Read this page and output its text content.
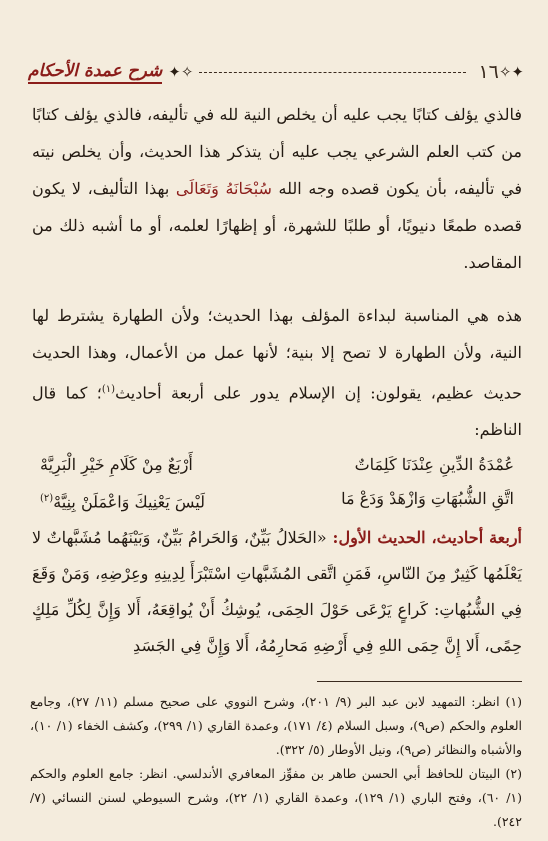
✦✧
١٦
✧✦
شرح عمدة الأحكام

فالذي يؤلف كتابًا يجب عليه أن يخلص النية لله في تأليفه، فالذي يؤلف كتابًا من كتب العلم الشرعي يجب عليه أن يتذكر هذا الحديث، وأن يخلص نيته في تأليفه، بأن يكون قصده وجه الله سُبْحَانَهُ وَتَعَالَى بهذا التأليف، لا يكون قصده طمعًا دنيويًا، أو طلبًا للشهرة، أو إظهارًا لعلمه، أو ما أشبه ذلك من المقاصد.

هذه هي المناسبة لبداءة المؤلف بهذا الحديث؛ ولأن الطهارة يشترط لها النية، ولأن الطهارة لا تصح إلا بنية؛ لأنها عمل من الأعمال، وهذا الحديث حديث عظيم، يقولون: إن الإسلام يدور على أربعة أحاديث$^{(١)}$؛ كما قال الناظم:

عُمْدَةُ الدِّينِ عِنْدَنَا كَلِمَاتٌ
أَرْبَعٌ مِنْ كَلَامِ خَيْرِ الْبَرِيَّهْ
اتَّقِ الشُّبُهَاتِ وَازْهَدْ وَدَعْ مَا
لَيْسَ يَعْنِيكَ وَاعْمَلَنْ بِنِيَّهْ$^{(٢)}$

أربعة أحاديث، الحديث الأول: «الحَلالُ بَيِّنٌ، وَالحَرامُ بَيِّنٌ، وَبَيْنَهُما مُشَبَّهاتٌ لا يَعْلَمُها كَثِيرٌ مِنَ النّاسِ، فَمَنِ اتَّقى المُشَبَّهاتِ اسْتَبْرَأَ لِدِينِهِ وعِرْضِهِ، وَمَنْ وَقَعَ فِي الشُّبُهاتِ: كَراعٍ يَرْعَى حَوْلَ الحِمَى، يُوشِكُ أَنْ يُواقِعَهُ، أَلا وَإِنَّ لِكُلِّ مَلِكٍ حِمًى، أَلا إِنَّ حِمَى اللهِ فِي أَرْضِهِ مَحارِمُهُ، أَلا وَإِنَّ فِي الجَسَدِ

(١) انظر: التمهيد لابن عبد البر (٩/ ٢٠١)، وشرح النووي على صحيح مسلم (١١/ ٢٧)، وجامع العلوم والحكم (ص٩)، وسبل السلام (٤/ ١٧١)، وعمدة القاري (١/ ٢٩٩)، وكشف الخفاء (١/ ١٠)، والأشباه والنظائر (ص٩)، ونيل الأوطار (٥/ ٣٢٢).

(٢) البيتان للحافظ أبي الحسن طاهر بن مفوِّز المعافري الأندلسي. انظر: جامع العلوم والحكم (١/ ٦٠)، وفتح الباري (١/ ١٢٩)، وعمدة القاري (١/ ٢٢)، وشرح السيوطي لسنن النسائي (٧/ ٢٤٢).
